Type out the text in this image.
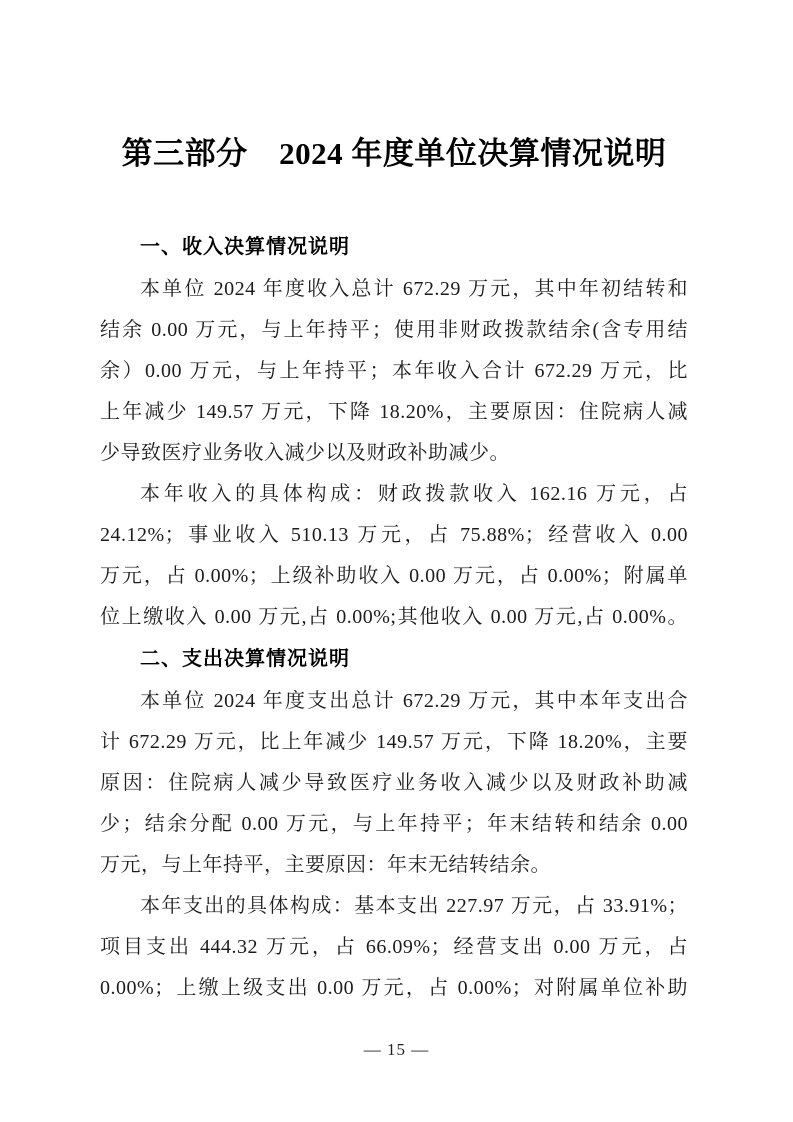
第三部分　2024 年度单位决算情况说明
一、收入决算情况说明
本单位 2024 年度收入总计 672.29 万元，其中年初结转和
结余 0.00 万元，与上年持平；使用非财政拨款结余(含专用结
余）0.00 万元，与上年持平；本年收入合计 672.29 万元，比
上年减少 149.57 万元，下降 18.20%，主要原因：住院病人减
少导致医疗业务收入减少以及财政补助减少。
本年收入的具体构成：财政拨款收入 162.16 万元，占
24.12%；事业收入 510.13 万元，占 75.88%；经营收入 0.00
万元，占 0.00%；上级补助收入 0.00 万元，占 0.00%；附属单
位上缴收入 0.00 万元,占 0.00%;其他收入 0.00 万元,占 0.00%。
二、支出决算情况说明
本单位 2024 年度支出总计 672.29 万元，其中本年支出合
计 672.29 万元，比上年减少 149.57 万元，下降 18.20%，主要
原因：住院病人减少导致医疗业务收入减少以及财政补助减
少；结余分配 0.00 万元，与上年持平；年末结转和结余 0.00
万元，与上年持平，主要原因：年末无结转结余。
本年支出的具体构成：基本支出 227.97 万元，占 33.91%；
项目支出 444.32 万元，占 66.09%；经营支出 0.00 万元，占
0.00%；上缴上级支出 0.00 万元，占 0.00%；对附属单位补助
— 15 —
